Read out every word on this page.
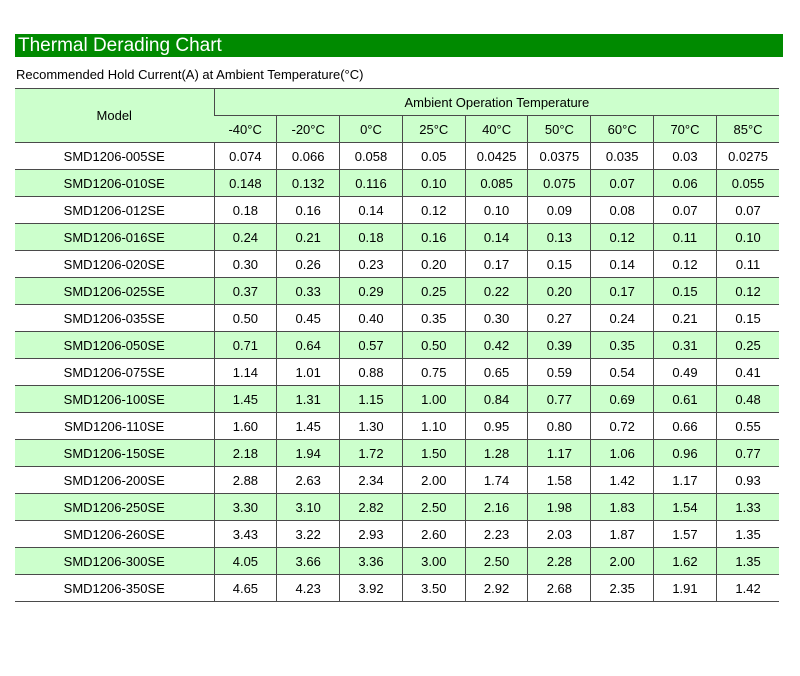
Thermal Derading Chart
Recommended Hold Current(A) at Ambient Temperature(°C)
Model	Ambient Operation Temperature								
	-40°C	-20°C	0°C	25°C	40°C	50°C	60°C	70°C	85°C
SMD1206-005SE	0.074	0.066	0.058	0.05	0.0425	0.0375	0.035	0.03	0.0275
SMD1206-010SE	0.148	0.132	0.116	0.10	0.085	0.075	0.07	0.06	0.055
SMD1206-012SE	0.18	0.16	0.14	0.12	0.10	0.09	0.08	0.07	0.07
SMD1206-016SE	0.24	0.21	0.18	0.16	0.14	0.13	0.12	0.11	0.10
SMD1206-020SE	0.30	0.26	0.23	0.20	0.17	0.15	0.14	0.12	0.11
SMD1206-025SE	0.37	0.33	0.29	0.25	0.22	0.20	0.17	0.15	0.12
SMD1206-035SE	0.50	0.45	0.40	0.35	0.30	0.27	0.24	0.21	0.15
SMD1206-050SE	0.71	0.64	0.57	0.50	0.42	0.39	0.35	0.31	0.25
SMD1206-075SE	1.14	1.01	0.88	0.75	0.65	0.59	0.54	0.49	0.41
SMD1206-100SE	1.45	1.31	1.15	1.00	0.84	0.77	0.69	0.61	0.48
SMD1206-110SE	1.60	1.45	1.30	1.10	0.95	0.80	0.72	0.66	0.55
SMD1206-150SE	2.18	1.94	1.72	1.50	1.28	1.17	1.06	0.96	0.77
SMD1206-200SE	2.88	2.63	2.34	2.00	1.74	1.58	1.42	1.17	0.93
SMD1206-250SE	3.30	3.10	2.82	2.50	2.16	1.98	1.83	1.54	1.33
SMD1206-260SE	3.43	3.22	2.93	2.60	2.23	2.03	1.87	1.57	1.35
SMD1206-300SE	4.05	3.66	3.36	3.00	2.50	2.28	2.00	1.62	1.35
SMD1206-350SE	4.65	4.23	3.92	3.50	2.92	2.68	2.35	1.91	1.42
